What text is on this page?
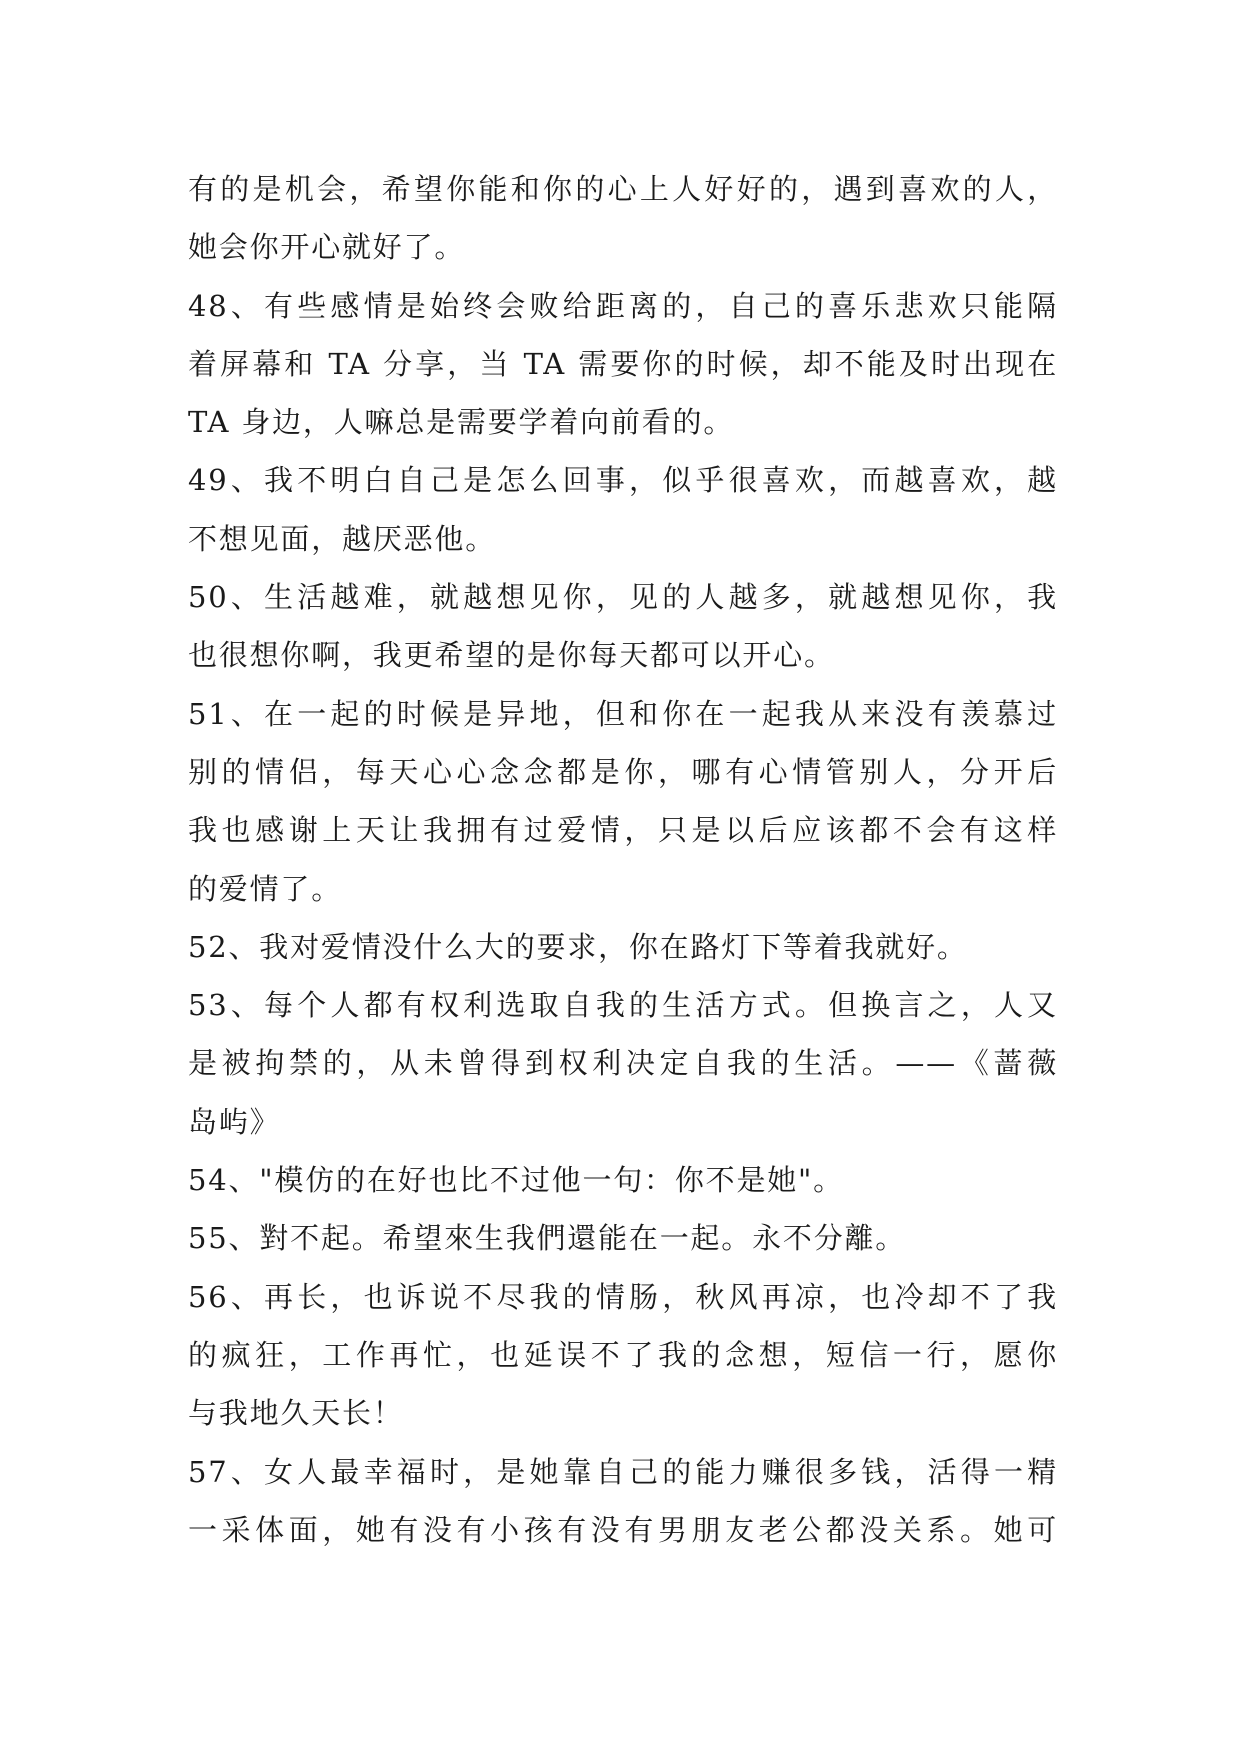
有的是机会，希望你能和你的心上人好好的，遇到喜欢的人，
她会你开心就好了。
48、有些感情是始终会败给距离的，自己的喜乐悲欢只能隔
着屏幕和 TA 分享，当 TA 需要你的时候，却不能及时出现在
TA 身边，人嘛总是需要学着向前看的。
49、我不明白自己是怎么回事，似乎很喜欢，而越喜欢，越
不想见面，越厌恶他。
50、生活越难，就越想见你，见的人越多，就越想见你，我
也很想你啊，我更希望的是你每天都可以开心。
51、在一起的时候是异地，但和你在一起我从来没有羡慕过
别的情侣，每天心心念念都是你，哪有心情管别人，分开后
我也感谢上天让我拥有过爱情，只是以后应该都不会有这样
的爱情了。
52、我对爱情没什么大的要求，你在路灯下等着我就好。
53、每个人都有权利选取自我的生活方式。但换言之，人又
是被拘禁的，从未曾得到权利决定自我的生活。——《蔷薇
岛屿》
54、"模仿的在好也比不过他一句：你不是她"。
55、對不起。希望來生我們還能在一起。永不分離。
56、再长，也诉说不尽我的情肠，秋风再凉，也冷却不了我
的疯狂，工作再忙，也延误不了我的念想，短信一行，愿你
与我地久天长！
57、女人最幸福时，是她靠自己的能力赚很多钱，活得一精
一采体面，她有没有小孩有没有男朋友老公都没关系。她可
